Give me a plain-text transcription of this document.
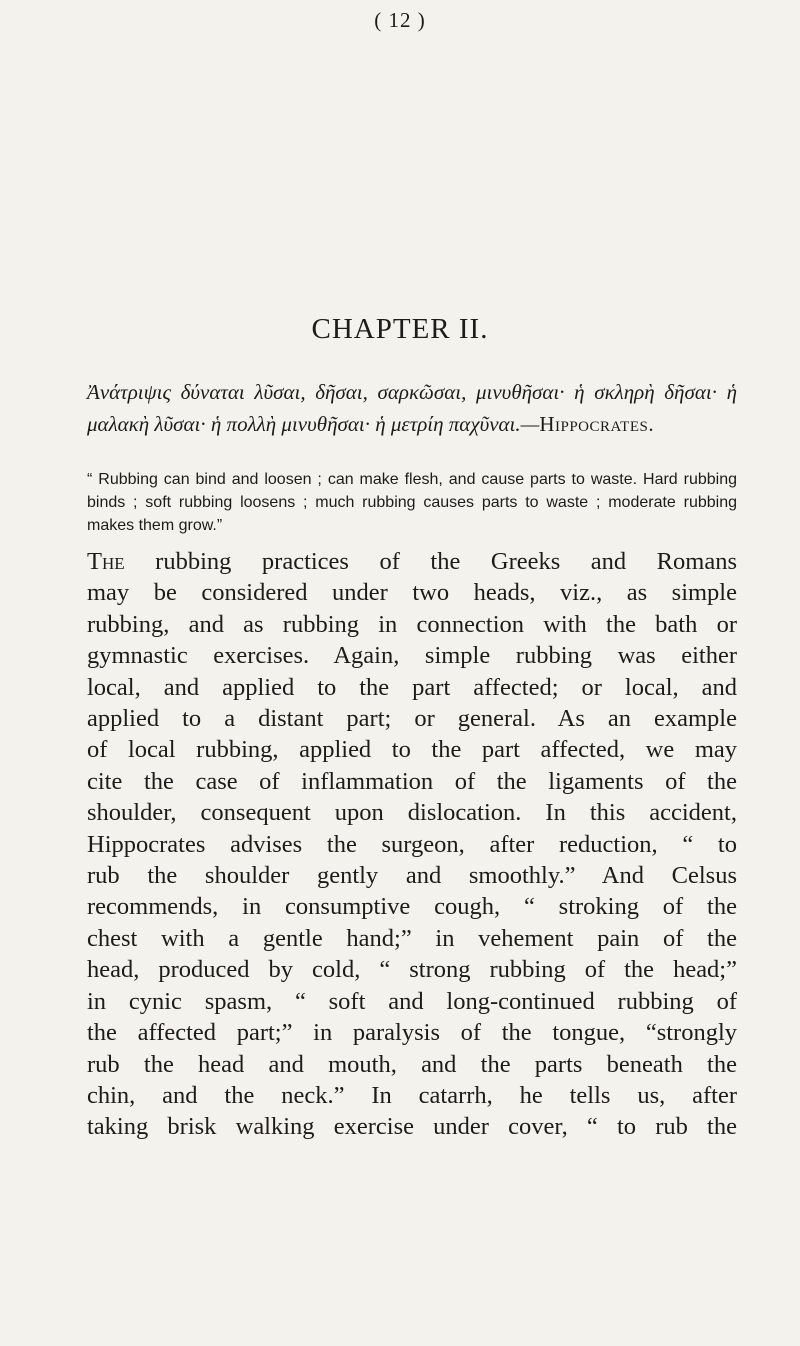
( 12 )
CHAPTER II.
Ἀνάτριψις δύναται λῦσαι, δῆσαι, σαρκῶσαι, μινυθῆσαι· ἡ σκληρὴ δῆσαι· ἡ μαλακὴ λῦσαι· ἡ πολλὴ μινυθῆσαι· ἡ μετρίη παχῦναι.—Hippocrates.
“ Rubbing can bind and loosen ; can make flesh, and cause parts to waste. Hard rubbing binds ; soft rubbing loosens ; much rubbing causes parts to waste ; moderate rubbing makes them grow.”
The rubbing practices of the Greeks and Romans
may be considered under two heads, viz., as simple
rubbing, and as rubbing in connection with the bath or
gymnastic exercises. Again, simple rubbing was either
local, and applied to the part affected; or local, and
applied to a distant part; or general. As an example
of local rubbing, applied to the part affected, we may
cite the case of inflammation of the ligaments of the
shoulder, consequent upon dislocation. In this accident,
Hippocrates advises the surgeon, after reduction, “ to
rub the shoulder gently and smoothly.” And Celsus
recommends, in consumptive cough, “ stroking of the
chest with a gentle hand;” in vehement pain of the
head, produced by cold, “ strong rubbing of the head;”
in cynic spasm, “ soft and long-continued rubbing of
the affected part;” in paralysis of the tongue, “strongly
rub the head and mouth, and the parts beneath the
chin, and the neck.” In catarrh, he tells us, after
taking brisk walking exercise under cover, “ to rub the
